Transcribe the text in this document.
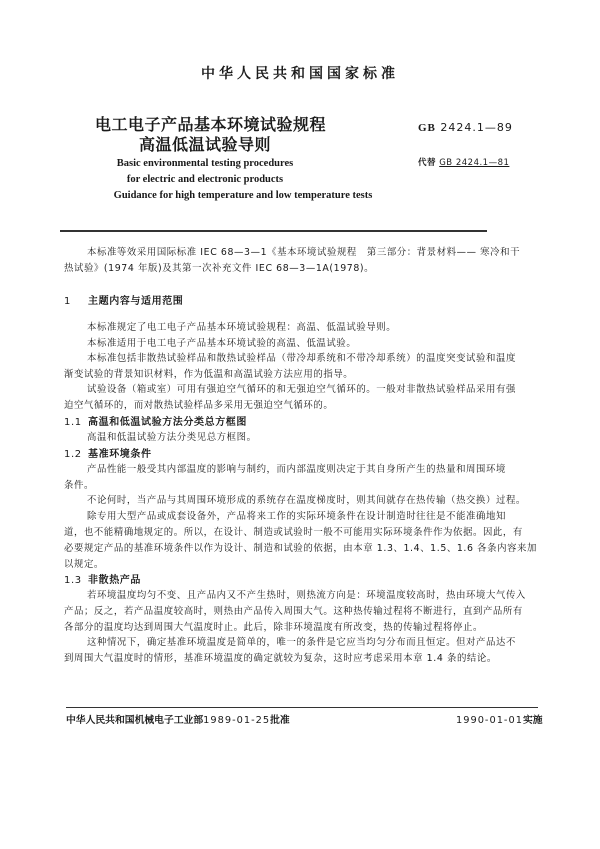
中华人民共和国国家标准
电工电子产品基本环境试验规程
高温低温试验导则
Basic environmental testing procedures
for electric and electronic products
Guidance for high temperature and low temperature tests
GB 2424.1—89
代替 GB 2424.1—81
本标准等效采用国际标准 IEC 68—3—1《基本环境试验规程　第三部分：背景材料—— 寒冷和干
热试验》(1974 年版)及其第一次补充文件 IEC 68—3—1A(1978)。
1 主题内容与适用范围
本标准规定了电工电子产品基本环境试验规程：高温、低温试验导则。
本标准适用于电工电子产品基本环境试验的高温、低温试验。
本标准包括非散热试验样品和散热试验样品（带冷却系统和不带冷却系统）的温度突变试验和温度
渐变试验的背景知识材料，作为低温和高温试验方法应用的指导。
试验设备（箱或室）可用有强迫空气循环的和无强迫空气循环的。一般对非散热试验样品采用有强
迫空气循环的，而对散热试验样品多采用无强迫空气循环的。
1.1 高温和低温试验方法分类总方框图
高温和低温试验方法分类见总方框图。
1.2 基准环境条件
产品性能一般受其内部温度的影响与制约，而内部温度则决定于其自身所产生的热量和周围环境
条件。
不论何时，当产品与其周围环境形成的系统存在温度梯度时，则其间就存在热传输（热交换）过程。
除专用大型产品或成套设备外，产品将来工作的实际环境条件在设计制造时往往是不能准确地知
道，也不能精确地规定的。所以，在设计、制造或试验时一般不可能用实际环境条件作为依据。因此，有
必要规定产品的基准环境条件以作为设计、制造和试验的依据，由本章 1.3、1.4、1.5、1.6 各条内容来加
以规定。
1.3 非散热产品
若环境温度均匀不变、且产品内又不产生热时，则热流方向是：环境温度较高时，热由环境大气传入
产品；反之，若产品温度较高时，则热由产品传入周围大气。这种热传输过程将不断进行，直到产品所有
各部分的温度均达到周围大气温度时止。此后，除非环境温度有所改变，热的传输过程将停止。
这种情况下，确定基准环境温度是简单的，唯一的条件是它应当均匀分布而且恒定。但对产品达不
到周围大气温度时的情形，基准环境温度的确定就较为复杂，这时应考虑采用本章 1.4 条的结论。
中华人民共和国机械电子工业部1989-01-25批准	1990-01-01实施
